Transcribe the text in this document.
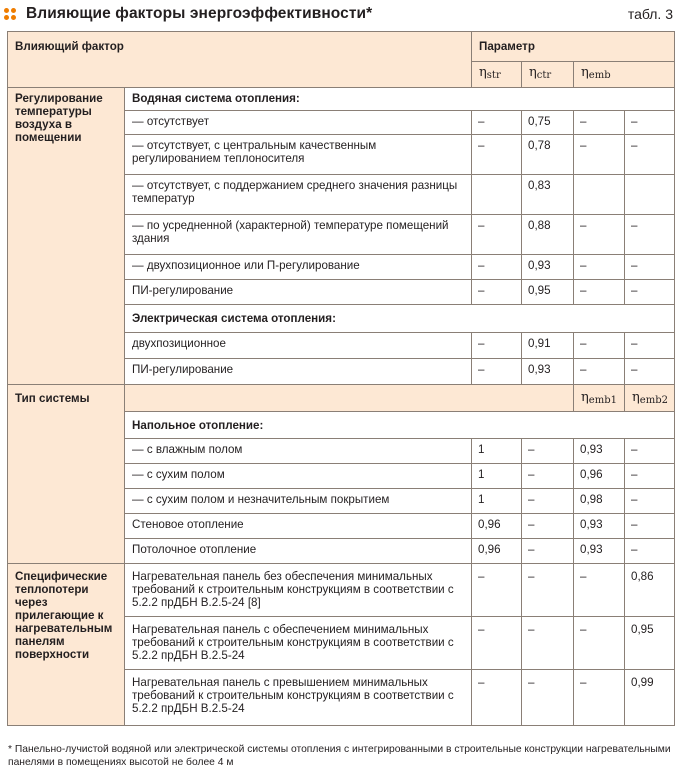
Влияющие факторы энергоэффективности*	табл. 3
Влияющий фактор		Параметр			
		$\eta_{str}$	$\eta_{ctr}$	$\eta_{emb}$
Регулирование температуры воздуха в помещении	Водяная система отопления:				
	— отсутствует	–	0,75	–	–
	— отсутствует, с центральным качественным регулированием теплоносителя	–	0,78	–	–
	— отсутствует, с поддержанием среднего значения разницы температур		0,83		
	— по усредненной (характерной) температуре помещений здания	–	0,88	–	–
	— двухпозиционное или П-регулирование	–	0,93	–	–
	ПИ-регулирование	–	0,95	–	–
	Электрическая система отопления:				
	двухпозиционное	–	0,91	–	–
	ПИ-регулирование	–	0,93	–	–

Тип системы				$\eta_{emb1}$	$\eta_{emb2}$
	Напольное отопление:				
	— с влажным полом	1	–	0,93	–
	— с сухим полом	1	–	0,96	–
	— с сухим полом и незначительным покрытием	1	–	0,98	–
	Стеновое отопление	0,96	–	0,93	–
	Потолочное отопление	0,96	–	0,93	–

Специфические теплопотери через прилегающие к нагревательным панелям поверхности	Нагревательная панель без обеспечения минимальных требований к строительным конструкциям в соответствии с 5.2.2 прДБН В.2.5-24 [8]	–	–	–	0,86
	Нагревательная панель с обеспечением минимальных требований к строительным конструкциям в соответствии с 5.2.2 прДБН В.2.5-24	–	–	–	0,95
	Нагревательная панель с превышением минимальных требований к строительным конструкциям в соответствии с 5.2.2 прДБН В.2.5-24	–	–	–	0,99
* Панельно-лучистой водяной или электрической системы отопления с интегрированными в строительные конструкции нагревательными панелями в помещениях высотой не более 4 м
